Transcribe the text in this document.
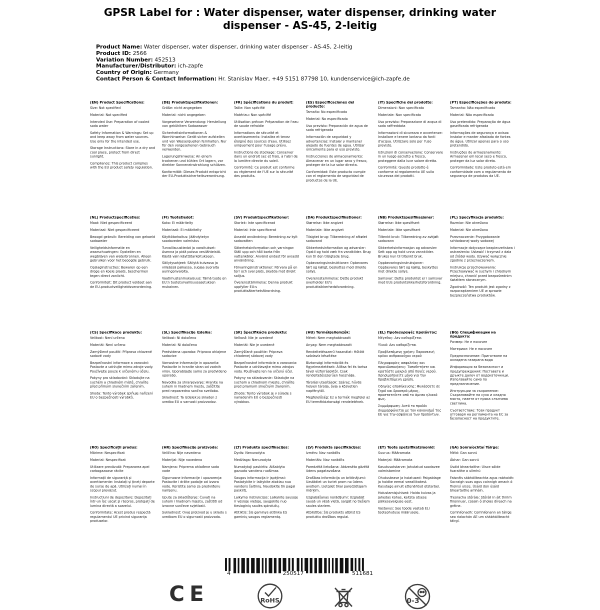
GPSR Label for : Water dispenser, water dispenser, drinking water
dispenser - AS-45, 2-leitig
Product Name: Water dispenser, water dispenser, drinking water dispenser - AS-45, 2-leitig
Product ID: 2566
Variation Number: 452513
Manufacturer/Distributor: ich-zapfe
Country of Origin: Germany
Contact Person & Contact Information: Hr. Stanislav Maer, +49 5151 87798 10, kundenservice@ich-zapfe.de
(EN) Product Specifications:
Size: Not specified
Material: Not specified
Intended Use: Preparation of cooled soda water
Safety Information & Warnings: Set up and keep away from water sources. Use only for the intended use.
Storage Instructions: Store in a dry and cool place, protect from direct sunlight.
Compliance: This product complies with the EU product safety regulation.
(DE) Produktspezifikationen:
Größe: nicht angegeben
Material: nicht angegeben
Vorgesehene Verwendung: Herstellung von gekühltem Sodawasser
Sicherheitsinformationen & Warnhinweise: Gerät sicher aufstellen und von Wasserquellen fernhalten. Nur für den vorgesehenen Gebrauch verwenden.
Lagerungshinweise: An einem trockenen und kühlen Ort lagern, vor direkter Sonneneinstrahlung schützen.
Konformität: Dieses Produkt entspricht der EU-Produktsicherheitsverordnung.
(FR) Spécifications du produit:
Taille: Non spécifié
Matériau: Non spécifié
Utilisation prévue: Préparation de l'eau de soude refroidie
Informations de sécurité et avertissements: Installez et tenez éloigné des sources d'eau. Utilisez uniquement pour l'usage prévu.
Instructions de stockage: Conserver dans un endroit sec et frais, à l'abri de la lumière directe du soleil.
Conformité: Ce produit est conforme au règlement de l'UE sur la sécurité des produits.
(ES) Especificaciones del producto:
Tamaño: No especificado
Material: No especificado
Uso previsto: Preparación de agua de soda refrigerada
Información de seguridad y advertencias: Instalar y mantener alejado de fuentes de agua. Utilizar únicamente para el uso previsto.
Instrucciones de almacenamiento: Almacenar en un lugar seco y fresco, proteger de la luz solar directa.
Conformidad: Este producto cumple con el reglamento de seguridad de productos de la UE.
(IT) Specifiche del prodotto:
Dimensioni: Non specificato
Materiale: Non specificato
Uso previsto: Preparazione di acqua di soda raffreddata
Informazioni di sicurezza e avvertenze: Installare e tenere lontano da fonti d'acqua. Utilizzare solo per l'uso previsto.
Istruzioni di conservazione: Conservare in un luogo asciutto e fresco, proteggere dalla luce solare diretta.
Conformità: Questo prodotto è conforme al regolamento UE sulla sicurezza dei prodotti.
(PT) Especificações do produto:
Tamanho: Não especificado
Material: Não especificado
Uso pretendido: Preparação de água gaseificada refrigerada
Informações de segurança e avisos: Instalar e manter afastado de fontes de água. Utilizar apenas para o uso pretendido.
Instruções de armazenamento: Armazenar em local seco e fresco, proteger da luz solar direta.
Conformidade: Este produto está em conformidade com o regulamento de segurança de produtos da UE.
(NL) Productspecificaties:
Maat: Niet gespecificeerd
Materiaal: Niet gespecificeerd
Beoogd gebruik: Bereiding van gekoeld sodawater
Veiligheidsinformatie en waarschuwingen: Opstellen en wegblijven van waterbronnen. Alleen gebruiken voor het beoogde gebruik.
Opslaginstructies: Bewaren op een droge en koele plaats, beschermen tegen direct zonlicht.
Conformiteit: Dit product voldoet aan de EU-productveiligheidsverordening.
(FI) Tuotetiedot:
Koko: Ei määritelty
Materiaali: Ei määritelty
Käyttötarkoitus: Jäähdytetyn soodaveden valmistus
Turvallisuustiedot ja varoitukset: Asenna ja pidä poissa vesilähteistä. Käytä vain käyttötarkoitukseen.
Säilytysohjeet: Säilytä kuivassa ja viileässä paikassa, suojaa suoralta auringonvalolta.
Vaatimustenmukaisuus: Tämä tuote on EU:n tuoteturvallisuusasetuksen mukainen.
(SV) Produktspecifikationer:
Storlek: Inte specificerad
Material: Inte specificerat
Avsedd användning: Beredning av kylt sodavatten
Säkerhetsinformation och varningar: Ställ upp och håll borta från vattenkällor. Använd endast för avsedd användning.
Förvaringsinstruktioner: Förvara på en torr och sval plats, skydda mot direkt solljus.
Överensstämmelse: Denna produkt uppfyller EU:s produktsäkerhetsförordning.
(DA) Produktspecifikationer:
Størrelse: Ikke angivet
Materiale: Ikke angivet
Tilsigtet brug: Tilberedning af afkølet sodavand
Sikkerhedsinformation og advarsler: Opstil og hold væk fra vandkilder. Brug kun til den tilsigtede brug.
Opbevaringsinstruktioner: Opbevares tørt og køligt, beskyttes mod direkte sollys.
Overensstemmelse: Dette produkt overholder EU's produktsikkerhedsforordning.
(NB) Produktspesifikasjoner:
Størrelse: Ikke spesifisert
Materiale: Ikke spesifisert
Tiltenkt bruk: Tilberedning av avkjølt sodavann
Sikkerhetsinformasjon og advarsler: Sett opp og hold unna vannkilder. Brukes kun til tiltenkt bruk.
Oppbevaringsinstruksjoner: Oppbevares tørt og kjølig, beskyttes mot direkte sollys.
Samsvar: Dette produktet er i samsvar med EUs produktsikkerhetsforordning.
(PL) Specyfikacja produktu:
Rozmiar: Nie określono
Materiał: Nie określono
Przeznaczenie: Przygotowanie schłodzonej wody sodowej
Informacje dotyczące bezpieczeństwa i ostrzeżenia: Ustawić i trzymać z dala od źródeł wody. Używać wyłącznie zgodnie z przeznaczeniem.
Instrukcje przechowywania: Przechowywać w suchym i chłodnym miejscu, chronić przed bezpośrednim światłem słonecznym.
Zgodność: Ten produkt jest zgodny z rozporządzeniem UE w sprawie bezpieczeństwa produktów.
(CS) Specifikace produktu:
Velikost: Není určeno
Materiál: Není určeno
Zamýšlené použití: Příprava chlazené sodové vody
Bezpečnostní informace a varování: Postavte a udržujte mimo zdroje vody. Používejte pouze k určenému účelu.
Pokyny pro skladování: Skladujte na suchém a chladném místě, chraňte před přímým slunečním zářením.
Shoda: Tento výrobek splňuje nařízení EU o bezpečnosti výrobků.
(SL) Specifikacije izdelka:
Velikost: Ni določeno
Material: Ni določeno
Predvidena uporaba: Priprava ohlajene sodavice
Varnostne informacije in opozorila: Postavite in hranite stran od vodnih virov. Uporabljajte samo za predvideno uporabo.
Navodila za shranjevanje: Hranite na suhem in hladnem mestu, zaščitite pred neposredno sončno svetlobo.
Skladnost: Ta izdelek je skladen z uredbo EU o varnosti proizvodov.
(SK) Špecifikácie produktu:
Veľkosť: Nie je uvedené
Materiál: Nie je uvedené
Zamýšľané použitie: Príprava chladenej sódovej vody
Bezpečnostné informácie a varovania: Postavte a udržiavajte mimo zdrojov vody. Používajte len na určený účel.
Pokyny na skladovanie: Skladujte na suchom a chladnom mieste, chráňte pred priamym slnečným žiarením.
Zhoda: Tento výrobok je v súlade s nariadením EÚ o bezpečnosti výrobkov.
(HU) Termékjellemzők:
Méret: Nem meghatározott
Anyag: Nem meghatározott
Rendeltetésszerű használat: Hűtött szódavíz készítése
Biztonsági információk és figyelmeztetések: Állítsa fel és tartsa távol vízforrásoktól. Csak rendeltetésszerűen használja.
Tárolási utasítások: Száraz, hűvös helyen tárolja, óvja a közvetlen napfénytől.
Megfelelőség: Ez a termék megfelel az EU termékbiztonsági rendeletének.
(EL) Προδιαγραφές προϊόντος:
Μέγεθος: Δεν καθορίζεται
Υλικό: Δεν καθορίζεται
Προβλεπόμενη χρήση: Παρασκευή κρύου ανθρακούχου νερού
Πληροφορίες ασφαλείας και προειδοποιήσεις: Τοποθετήστε και κρατήστε μακριά από πηγές νερού. Χρησιμοποιείτε μόνο για την προβλεπόμενη χρήση.
Οδηγίες αποθήκευσης: Φυλάσσετε σε ξηρό και δροσερό μέρος, προστατεύετε από το άμεσο ηλιακό φως.
Συμμόρφωση: Αυτό το προϊόν συμμορφώνεται με τον κανονισμό της ΕΕ για την ασφάλεια των προϊόντων.
(BG) Спецификации на продукта:
Размер: Не е посочен
Материал: Не е посочен
Предназначение: Приготвяне на охладена газирана вода
Информация за безопасност и предупреждения: Поставете и дръжте далеч от водоизточници. Използвайте само по предназначение.
Инструкции за съхранение: Съхранявайте на сухо и хладно място, пазете от пряка слънчева светлина.
Съответствие: Този продукт отговаря на регламента на ЕС за безопасност на продуктите.
(RO) Specificații produs:
Mărime: Nespecificat
Material: Nespecificat
Utilizare prevăzută: Prepararea apei carbogazoase răcite
Informații de siguranță și avertismente: Instalați și țineți departe de surse de apă. Utilizați numai în scopul prevăzut.
Instrucțiuni de depozitare: Depozitați într-un loc uscat și răcoros, protejați de lumina directă a soarelui.
Conformitate: Acest produs respectă regulamentul UE privind siguranța produselor.
(HR) Specifikacije proizvoda:
Veličina: Nije navedeno
Materijal: Nije navedeno
Namjena: Priprema ohlađene soda vode
Sigurnosne informacije i upozorenja: Postavite i držite podalje od izvora vode. Koristite samo za predviđenu namjenu.
Upute za skladištenje: Čuvati na suhom i hladnom mjestu, zaštititi od izravne sunčeve svjetlosti.
Sukladnost: Ovaj proizvod je u skladu s uredbom EU o sigurnosti proizvoda.
(LT) Produkto specifikacijos:
Dydis: Nenurodyta
Medžiaga: Nenurodyta
Numatytoji paskirtis: Atšaldyto gazuoto vandens ruošimas
Saugos informacija ir įspėjimai: Pastatykite ir laikykite atokiau nuo vandens šaltinių. Naudokite tik pagal paskirtį.
Laikymo instrukcijos: Laikykite sausoje ir vėsioje vietoje, saugokite nuo tiesioginių saulės spindulių.
Atitiktis: Šis gaminys atitinka ES gaminių saugos reglamentą.
(LV) Produkta specifikācijas:
Izmērs: Nav norādīts
Materiāls: Nav norādīts
Paredzētā lietošana: Atdzesēta gāzētā ūdens pagatavošana
Drošības informācija un brīdinājumi: Uzstādiet un turiet prom no ūdens avotiem. Lietojiet tikai paredzētajam mērķim.
Uzglabāšanas norādījumi: Uzglabāt sausā un vēsā vietā, sargāt no tiešiem saules stariem.
Atbilstība: Šis produkts atbilst ES produktu drošības regulai.
(ET) Toote spetsifikatsioonid:
Suurus: Määramata
Materjal: Määramata
Kasutusotstarve: Jahutatud soodavee valmistamine
Ohutusteave ja hoiatused: Paigaldage ja hoidke eemal veeallikatest. Kasutage ainult ettenähtud otstarbel.
Hoiustamisjuhised: Hoida kuivas ja jahedas kohas, kaitsta otsese päikesevalguse eest.
Vastavus: See toode vastab ELi tooteohutuse määrusele.
(GA) Sonraíochtaí Táirge:
Méid: Gan sonrú
Ábhar: Gan sonrú
Úsáid bheartaithe: Uisce sóide fuaraithe a ullmhú
Faisnéis sábháilteachta agus rabhaidh: Socraigh suas agus coinnigh amach ó fhoinsí uisce. Úsáid don úsáid bheartaithe amháin.
Treoracha stórála: Stóráil in áit thirim fhionnuar, cosain ó sholas díreach na gréine.
Comhlíonadh: Comhlíonann an táirge seo rialachán AE um shábháilteacht táirgí.
4	250517	511681
CE	RoHS	0-3
